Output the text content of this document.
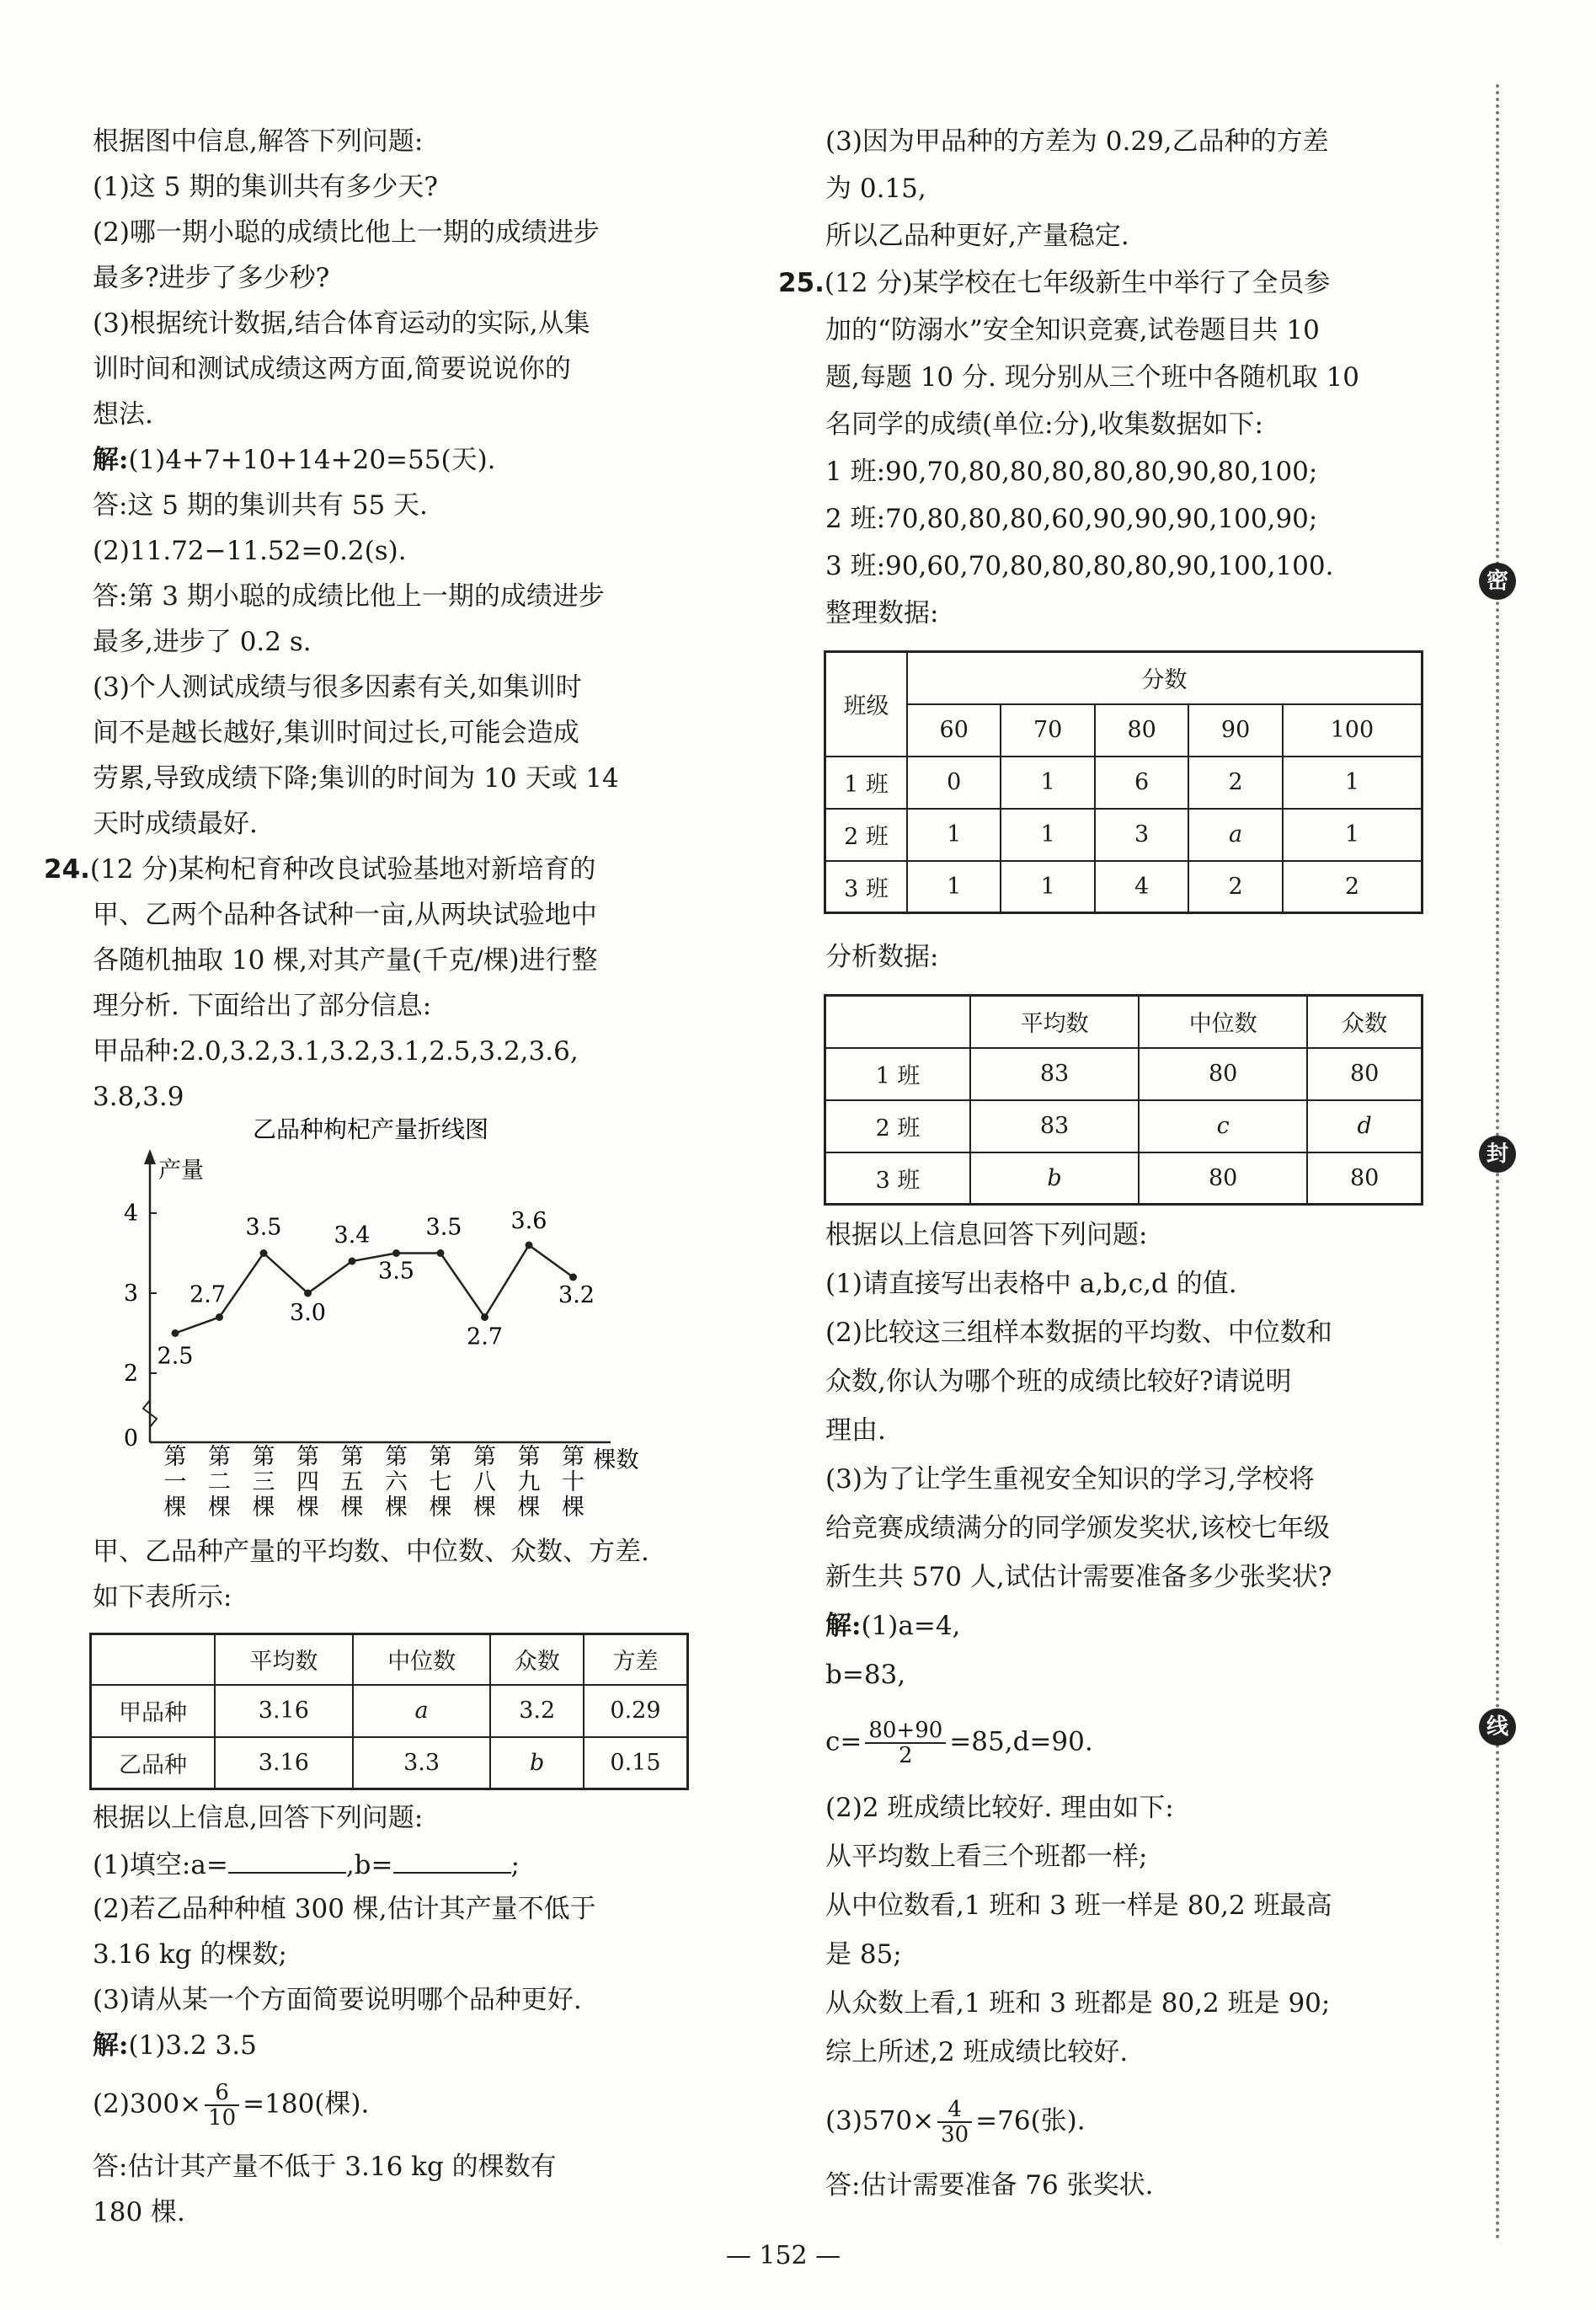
根据图中信息,解答下列问题:
(1)这 5 期的集训共有多少天?
(2)哪一期小聪的成绩比他上一期的成绩进步
最多?进步了多少秒?
(3)根据统计数据,结合体育运动的实际,从集
训时间和测试成绩这两方面,简要说说你的
想法.
解:(1)4+7+10+14+20=55(天).
答:这 5 期的集训共有 55 天.
(2)11.72−11.52=0.2(s).
答:第 3 期小聪的成绩比他上一期的成绩进步
最多,进步了 0.2 s.
(3)个人测试成绩与很多因素有关,如集训时
间不是越长越好,集训时间过长,可能会造成
劳累,导致成绩下降;集训的时间为 10 天或 14
天时成绩最好.
24.(12 分)某枸杞育种改良试验基地对新培育的
甲、乙两个品种各试种一亩,从两块试验地中
各随机抽取 10 棵,对其产量(千克/棵)进行整
理分析. 下面给出了部分信息:
甲品种:2.0,3.2,3.1,3.2,3.1,2.5,3.2,3.6,
3.8,3.9
甲、乙品种产量的平均数、中位数、众数、方差.
如下表所示:
	平均数	中位数	众数	方差
甲品种	3.16	a	3.2	0.29
乙品种	3.16	3.3	b	0.15
根据以上信息,回答下列问题:
(1)填空:a=	,b=	;
(2)若乙品种种植 300 棵,估计其产量不低于
3.16 kg 的棵数;
(3)请从某一个方面简要说明哪个品种更好.
解:(1)3.2 3.5
$(2)300\times \frac{6}{10} =180$(棵).
答:估计其产量不低于 3.16 kg 的棵数有
180 棵.
乙品种枸杞产量折线图
产量
2
3
4
0
第
一
棵
第
二
棵
第
三
棵
第
四
棵
第
五
棵
第
六
棵
第
七
棵
第
八
棵
第
九
棵
第
十
棵
棵数
2.5
2.7
3.5
3.0
3.4
3.5
3.5
2.7
3.6
3.2
(3)因为甲品种的方差为 0.29,乙品种的方差
为 0.15,
所以乙品种更好,产量稳定.
25.(12 分)某学校在七年级新生中举行了全员参
加的“防溺水”安全知识竞赛,试卷题目共 10
题,每题 10 分. 现分别从三个班中各随机取 10
名同学的成绩(单位:分),收集数据如下:
1 班:90,70,80,80,80,80,80,90,80,100;
2 班:70,80,80,80,60,90,90,90,100,90;
3 班:90,60,70,80,80,80,80,90,100,100.
整理数据:
班级	分数				
	60	70	80	90	100
1 班	0	1	6	2	1
2 班	1	1	3	a	1
3 班	1	1	4	2	2
分析数据:
	平均数	中位数	众数
1 班	83	80	80
2 班	83	c	d
3 班	b	80	80
根据以上信息回答下列问题:
(1)请直接写出表格中 a,b,c,d 的值.
(2)比较这三组样本数据的平均数、中位数和
众数,你认为哪个班的成绩比较好?请说明
理由.
(3)为了让学生重视安全知识的学习,学校将
给竞赛成绩满分的同学颁发奖状,该校七年级
新生共 570 人,试估计需要准备多少张奖状?
解:(1)a=4,
b=83,
$c= \frac{80+90}{2} =85,d=90$.
(2)2 班成绩比较好. 理由如下:
从平均数上看三个班都一样;
从中位数看,1 班和 3 班一样是 80,2 班最高
是 85;
从众数上看,1 班和 3 班都是 80,2 班是 90;
综上所述,2 班成绩比较好.
$(3)570\times \frac{4}{30} =76$(张).
答:估计需要准备 76 张奖状.
密
封
线
— 152 —
